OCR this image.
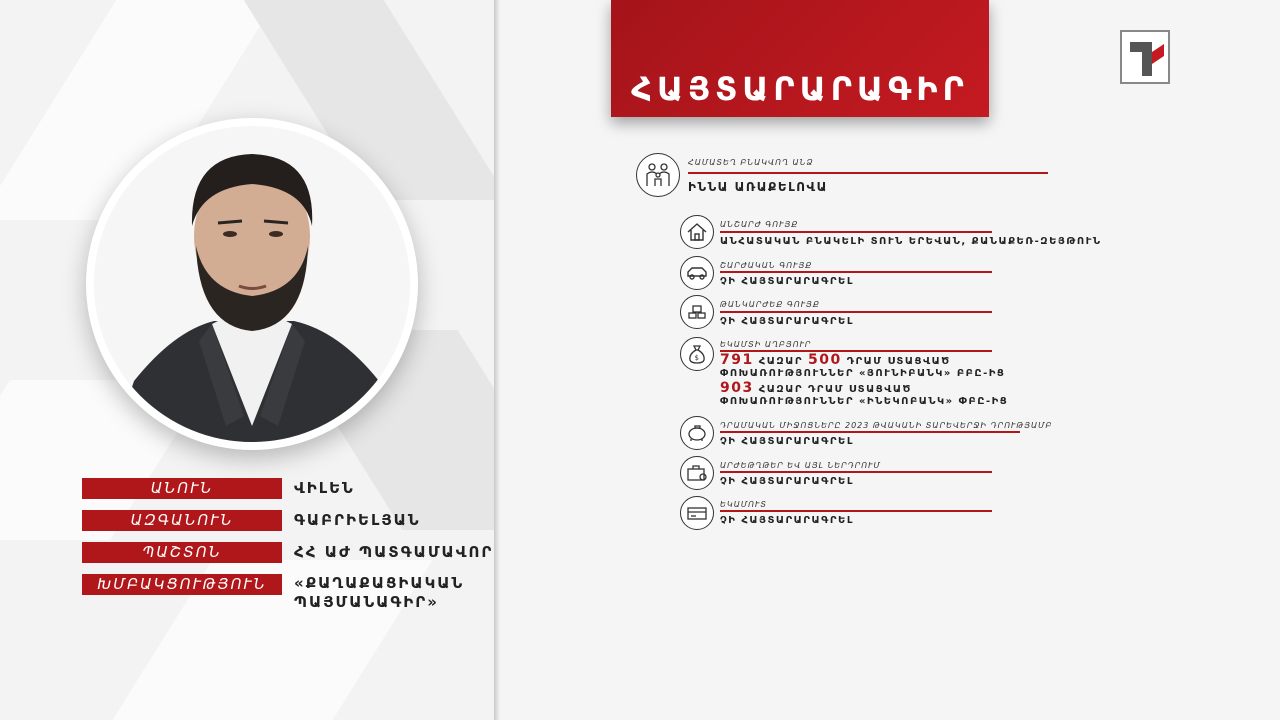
ԱՆՈՒՆ	ՎԻԼԵՆ
ԱԶԳԱՆՈՒՆ	ԳԱԲՐԻԵԼՅԱՆ
ՊԱՇՏՈՆ	ՀՀ ԱԺ ՊԱՏԳԱՄԱՎՈՐ
ԽՄԲԱԿՑՈՒԹՅՈՒՆ	«ՔԱՂԱՔԱՑԻԱԿԱՆ
ՊԱՅՄԱՆԱԳԻՐ»
ՀԱՅՏԱՐԱՐԱԳԻՐ
ՀԱՄԱՏԵՂ ԲՆԱԿՎՈՂ ԱՆՁ
ԻՆՆԱ ԱՌԱՔԵԼՈՎԱ
ԱՆՇԱՐԺ ԳՈՒՅՔ
ԱՆՀԱՏԱԿԱՆ ԲՆԱԿԵԼԻ ՏՈՒՆ ԵՐԵՎԱՆ, ՔԱՆԱՔԵՌ-ԶԵՅԹՈՒՆ
ՇԱՐԺԱԿԱՆ ԳՈՒՅՔ
ՉԻ ՀԱՅՏԱՐԱՐԱԳՐԵԼ
ԹԱՆԿԱՐԺԵՔ ԳՈՒՅՔ
ՉԻ ՀԱՅՏԱՐԱՐԱԳՐԵԼ
$
ԵԿԱՄՏԻ ԱՂԲՅՈՒՐ
791 ՀԱԶԱՐ 500 ԴՐԱՄ ՍՏԱՑՎԱԾ
ՓՈԽԱՌՈՒԹՅՈՒՆՆԵՐ «ՅՈՒՆԻԲԱՆԿ» ԲԲԸ-ԻՑ
903 ՀԱԶԱՐ ԴՐԱՄ ՍՏԱՑՎԱԾ
ՓՈԽԱՌՈՒԹՅՈՒՆՆԵՐ «ԻՆԵԿՈԲԱՆԿ» ՓԲԸ-ԻՑ
ԴՐԱՄԱԿԱՆ ՄԻՋՈՑՆԵՐԸ 2023 ԹՎԱԿԱՆԻ ՏԱՐԵՎԵՐՋԻ ԴՐՈՒԹՅԱՄԲ
ՉԻ ՀԱՅՏԱՐԱՐԱԳՐԵԼ
ԱՐԺԵԹՂԹԵՐ ԵՎ ԱՅԼ ՆԵՐԴՐՈՒՄ
ՉԻ ՀԱՅՏԱՐԱՐԱԳՐԵԼ
ԵԿԱՄՈՒՏ
ՉԻ ՀԱՅՏԱՐԱՐԱԳՐԵԼ
